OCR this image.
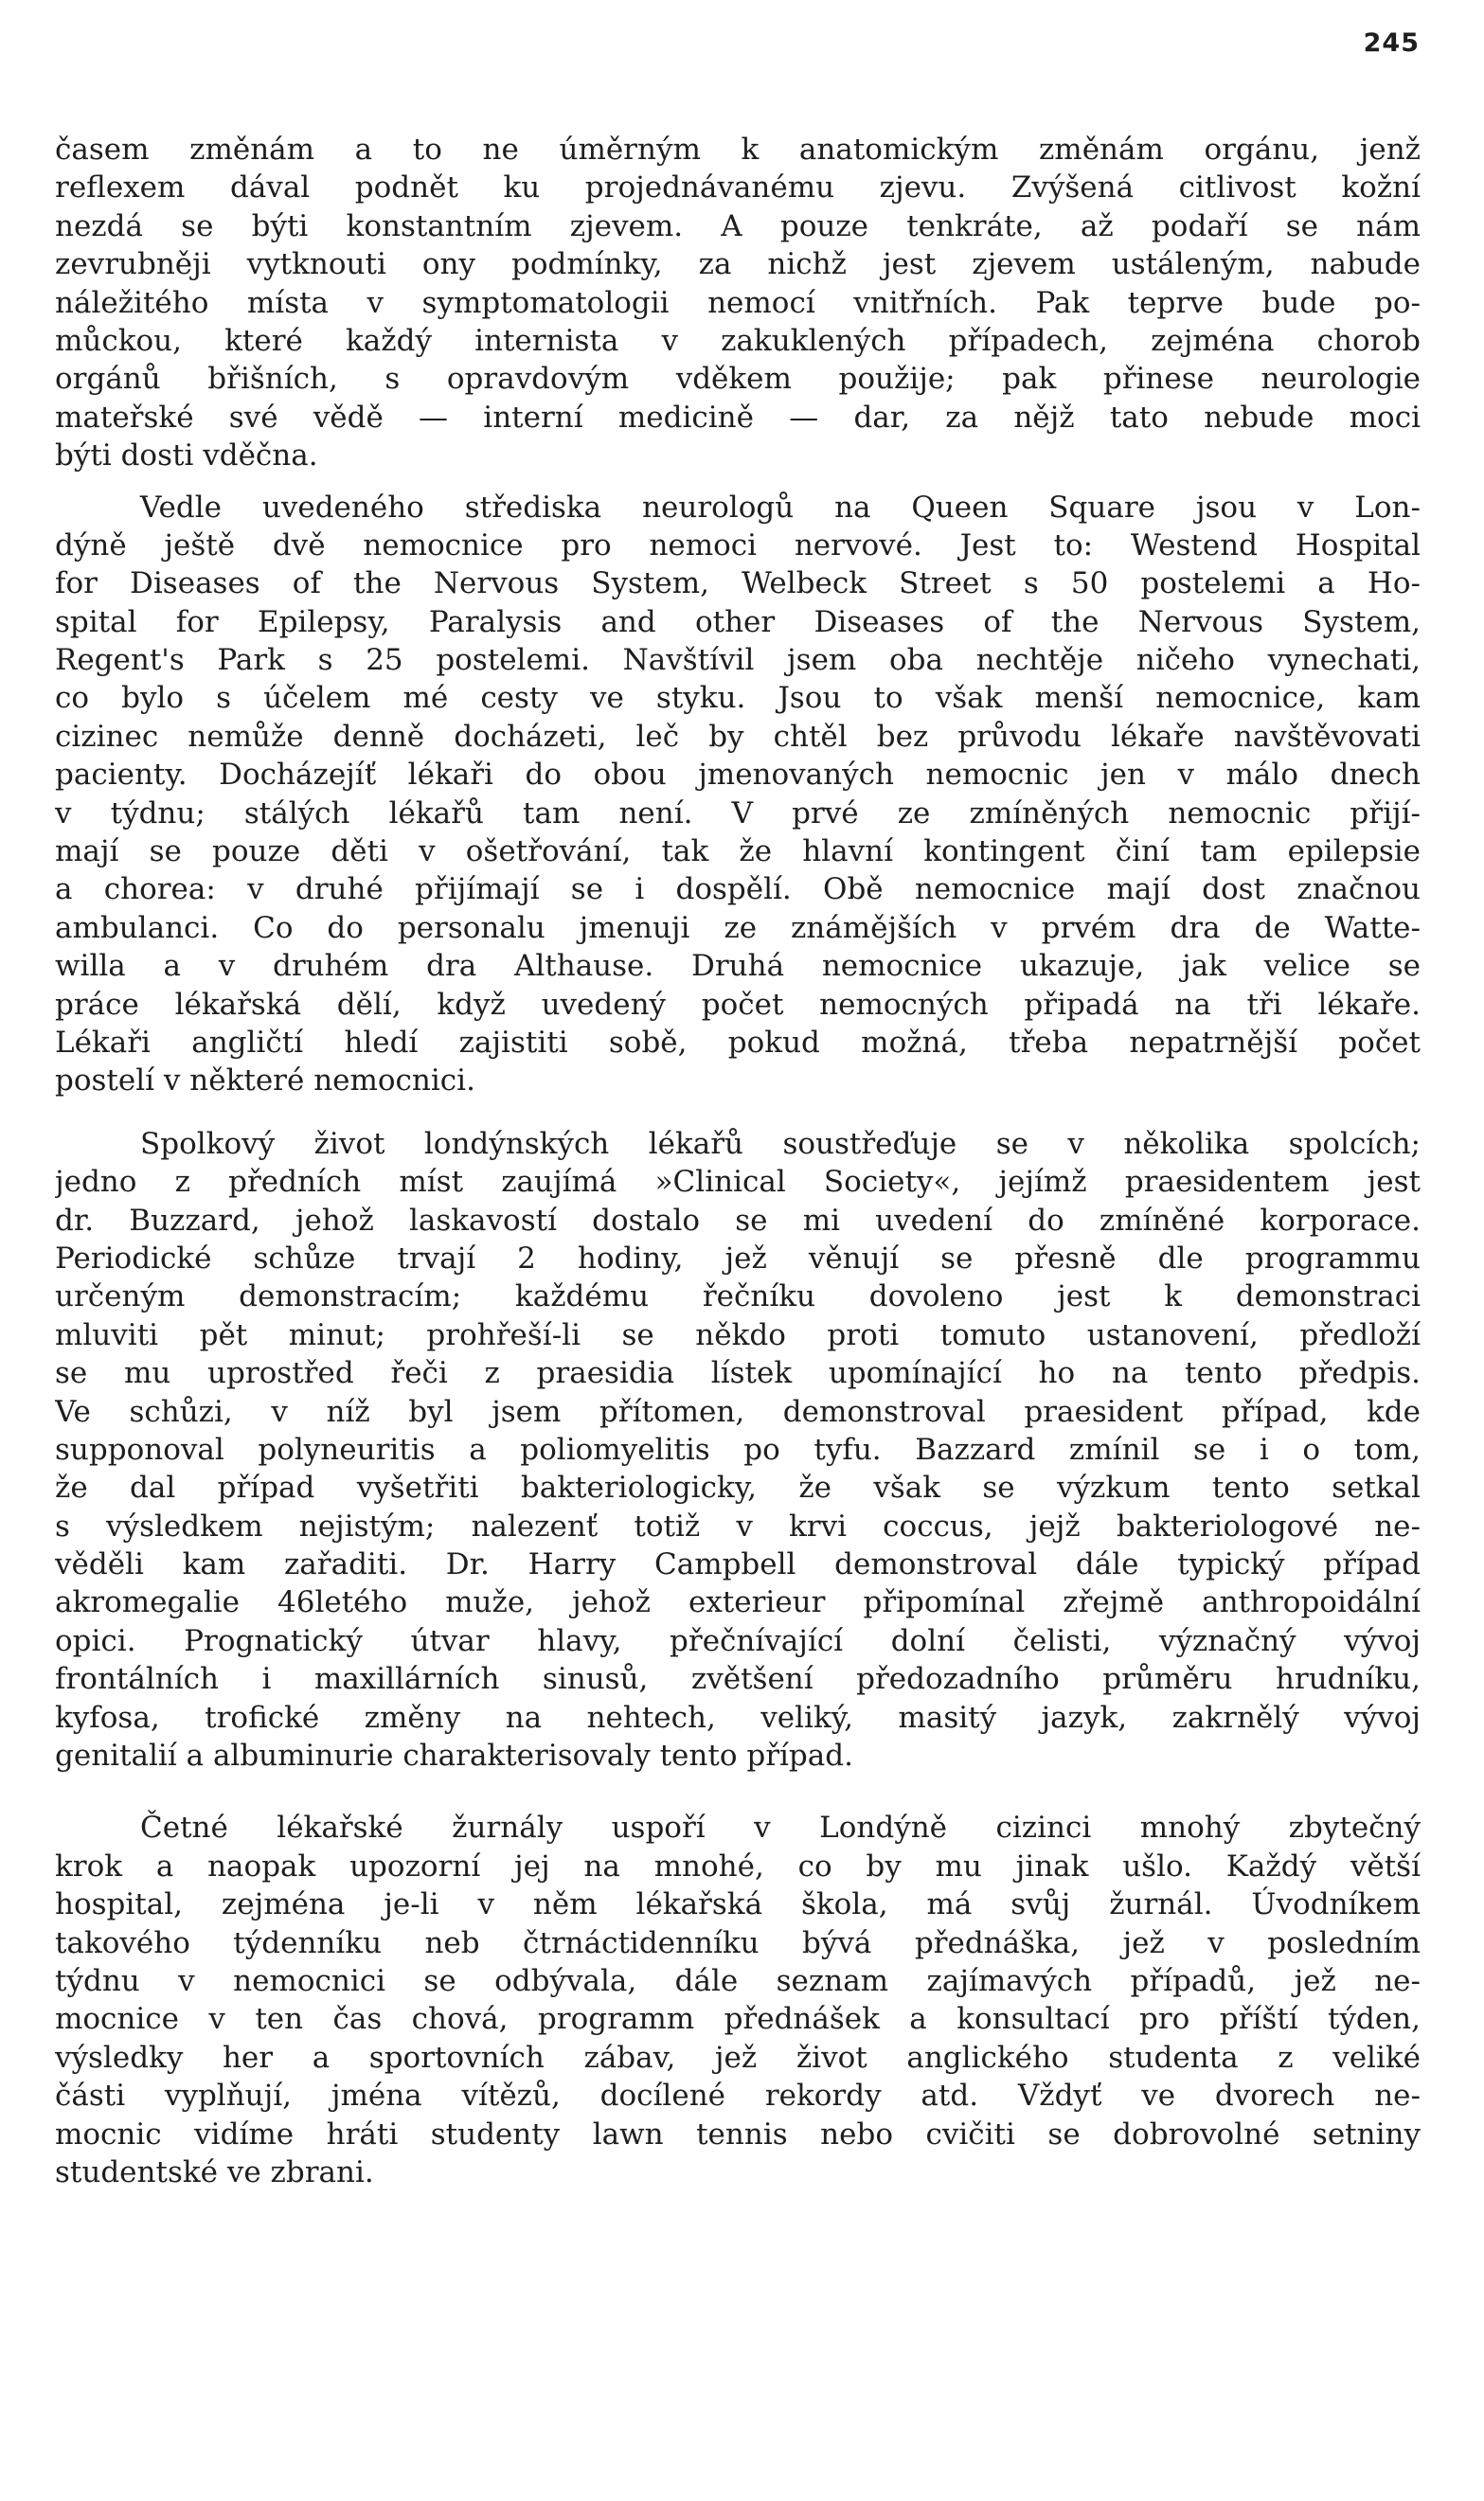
245
časem změnám a to ne úměrným k anatomickým změnám orgánu, jenž
reflexem dával podnět ku projednávanému zjevu. Zvýšená citlivost kožní
nezdá se býti konstantním zjevem. A pouze tenkráte, až podaří se nám
zevrubněji vytknouti ony podmínky, za nichž jest zjevem ustáleným, nabude
náležitého místa v symptomatologii nemocí vnitřních. Pak teprve bude po-
můckou, které každý internista v zakuklených případech, zejména chorob
orgánů břišních, s opravdovým vděkem použije; pak přinese neurologie
mateřské své vědě — interní medicině — dar, za nějž tato nebude moci
býti dosti vděčna.
Vedle uvedeného střediska neurologů na Queen Square jsou v Lon-
dýně ještě dvě nemocnice pro nemoci nervové. Jest to: Westend Hospital
for Diseases of the Nervous System, Welbeck Street s 50 postelemi a Ho-
spital for Epilepsy, Paralysis and other Diseases of the Nervous System,
Regent's Park s 25 postelemi. Navštívil jsem oba nechtěje ničeho vynechati,
co bylo s účelem mé cesty ve styku. Jsou to však menší nemocnice, kam
cizinec nemůže denně docházeti, leč by chtěl bez průvodu lékaře navštěvovati
pacienty. Docházejíť lékaři do obou jmenovaných nemocnic jen v málo dnech
v týdnu; stálých lékařů tam není. V prvé ze zmíněných nemocnic přijí-
mají se pouze děti v ošetřování, tak že hlavní kontingent činí tam epilepsie
a chorea: v druhé přijímají se i dospělí. Obě nemocnice mají dost značnou
ambulanci. Co do personalu jmenuji ze známějších v prvém dra de Watte-
willa a v druhém dra Althause. Druhá nemocnice ukazuje, jak velice se
práce lékařská dělí, když uvedený počet nemocných připadá na tři lékaře.
Lékaři angličtí hledí zajistiti sobě, pokud možná, třeba nepatrnější počet
postelí v některé nemocnici.
Spolkový život londýnských lékařů soustřeďuje se v několika spolcích;
jedno z předních míst zaujímá »Clinical Society«, jejímž praesidentem jest
dr. Buzzard, jehož laskavostí dostalo se mi uvedení do zmíněné korporace.
Periodické schůze trvají 2 hodiny, jež věnují se přesně dle programmu
určeným demonstracím; každému řečníku dovoleno jest k demonstraci
mluviti pět minut; prohřeší-li se někdo proti tomuto ustanovení, předloží
se mu uprostřed řeči z praesidia lístek upomínající ho na tento předpis.
Ve schůzi, v níž byl jsem přítomen, demonstroval praesident případ, kde
supponoval polyneuritis a poliomyelitis po tyfu. Bazzard zmínil se i o tom,
že dal případ vyšetřiti bakteriologicky, že však se výzkum tento setkal
s výsledkem nejistým; nalezenť totiž v krvi coccus, jejž bakteriologové ne-
věděli kam zařaditi. Dr. Harry Campbell demonstroval dále typický případ
akromegalie 46letého muže, jehož exterieur připomínal zřejmě anthropoidální
opici. Prognatický útvar hlavy, přečnívající dolní čelisti, význačný vývoj
frontálních i maxillárních sinusů, zvětšení předozadního průměru hrudníku,
kyfosa, trofické změny na nehtech, veliký, masitý jazyk, zakrnělý vývoj
genitalií a albuminurie charakterisovaly tento případ.
Četné lékařské žurnály uspoří v Londýně cizinci mnohý zbytečný
krok a naopak upozorní jej na mnohé, co by mu jinak ušlo. Každý větší
hospital, zejména je-li v něm lékařská škola, má svůj žurnál. Úvodníkem
takového týdenníku neb čtrnáctidenníku bývá přednáška, jež v posledním
týdnu v nemocnici se odbývala, dále seznam zajímavých případů, jež ne-
mocnice v ten čas chová, programm přednášek a konsultací pro příští týden,
výsledky her a sportovních zábav, jež život anglického studenta z veliké
části vyplňují, jména vítězů, docílené rekordy atd. Vždyť ve dvorech ne-
mocnic vidíme hráti studenty lawn tennis nebo cvičiti se dobrovolné setniny
studentské ve zbrani.
